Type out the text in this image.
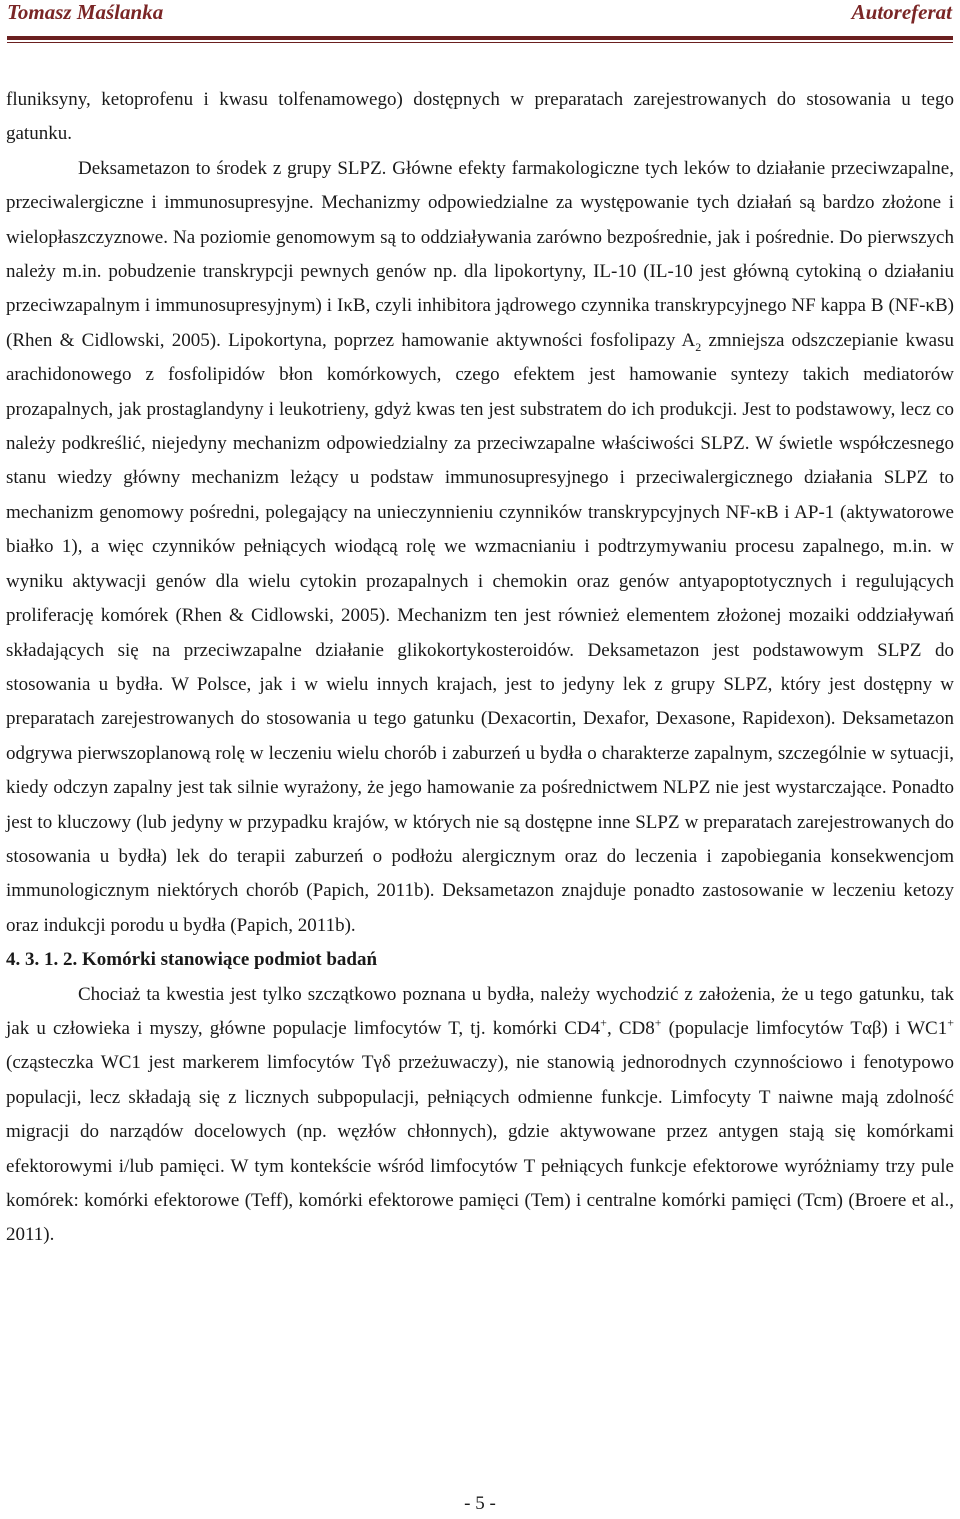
Tomasz Maślanka	Autoreferat

fluniksyny, ketoprofenu i kwasu tolfenamowego) dostępnych w preparatach zarejestrowanych do stosowania u tego gatunku.

Deksametazon to środek z grupy SLPZ. Główne efekty farmakologiczne tych leków to działanie przeciwzapalne, przeciwalergiczne i immunosupresyjne. Mechanizmy odpowiedzialne za występowanie tych działań są bardzo złożone i wielopłaszczyznowe. Na poziomie genomowym są to oddziaływania zarówno bezpośrednie, jak i pośrednie. Do pierwszych należy m.in. pobudzenie transkrypcji pewnych genów np. dla lipokortyny, IL-10 (IL-10 jest główną cytokiną o działaniu przeciwzapalnym i immunosupresyjnym) i IκB, czyli inhibitora jądrowego czynnika transkrypcyjnego NF kappa B (NF-κB) (Rhen & Cidlowski, 2005). Lipokortyna, poprzez hamowanie aktywności fosfolipazy $A_2$ zmniejsza odszczepianie kwasu arachidonowego z fosfolipidów błon komórkowych, czego efektem jest hamowanie syntezy takich mediatorów prozapalnych, jak prostaglandyny i leukotrieny, gdyż kwas ten jest substratem do ich produkcji. Jest to podstawowy, lecz co należy podkreślić, niejedyny mechanizm odpowiedzialny za przeciwzapalne właściwości SLPZ. W świetle współczesnego stanu wiedzy główny mechanizm leżący u podstaw immunosupresyjnego i przeciwalergicznego działania SLPZ to mechanizm genomowy pośredni, polegający na unieczynnieniu czynników transkrypcyjnych NF-κB i AP-1 (aktywatorowe białko 1), a więc czynników pełniących wiodącą rolę we wzmacnianiu i podtrzymywaniu procesu zapalnego, m.in. w wyniku aktywacji genów dla wielu cytokin prozapalnych i chemokin oraz genów antyapoptotycznych i regulujących proliferację komórek (Rhen & Cidlowski, 2005). Mechanizm ten jest również elementem złożonej mozaiki oddziaływań składających się na przeciwzapalne działanie glikokortykosteroidów. Deksametazon jest podstawowym SLPZ do stosowania u bydła. W Polsce, jak i w wielu innych krajach, jest to jedyny lek z grupy SLPZ, który jest dostępny w preparatach zarejestrowanych do stosowania u tego gatunku (Dexacortin, Dexafor, Dexasone, Rapidexon). Deksametazon odgrywa pierwszoplanową rolę w leczeniu wielu chorób i zaburzeń u bydła o charakterze zapalnym, szczególnie w sytuacji, kiedy odczyn zapalny jest tak silnie wyrażony, że jego hamowanie za pośrednictwem NLPZ nie jest wystarczające. Ponadto jest to kluczowy (lub jedyny w przypadku krajów, w których nie są dostępne inne SLPZ w preparatach zarejestrowanych do stosowania u bydła) lek do terapii zaburzeń o podłożu alergicznym oraz do leczenia i zapobiegania konsekwencjom immunologicznym niektórych chorób (Papich, 2011b). Deksametazon znajduje ponadto zastosowanie w leczeniu ketozy oraz indukcji porodu u bydła (Papich, 2011b).

4. 3. 1. 2. Komórki stanowiące podmiot badań

Chociaż ta kwestia jest tylko szczątkowo poznana u bydła, należy wychodzić z założenia, że u tego gatunku, tak jak u człowieka i myszy, główne populacje limfocytów T, tj. komórki CD4+, CD8+ (populacje limfocytów Tαβ) i WC1+ (cząsteczka WC1 jest markerem limfocytów Tγδ przeżuwaczy), nie stanowią jednorodnych czynnościowo i fenotypowo populacji, lecz składają się z licznych subpopulacji, pełniących odmienne funkcje. Limfocyty T naiwne mają zdolność migracji do narządów docelowych (np. węzłów chłonnych), gdzie aktywowane przez antygen stają się komórkami efektorowymi i/lub pamięci. W tym kontekście wśród limfocytów T pełniących funkcje efektorowe wyróżniamy trzy pule komórek: komórki efektorowe (Teff), komórki efektorowe pamięci (Tem) i centralne komórki pamięci (Tcm) (Broere et al., 2011).

- 5 -
